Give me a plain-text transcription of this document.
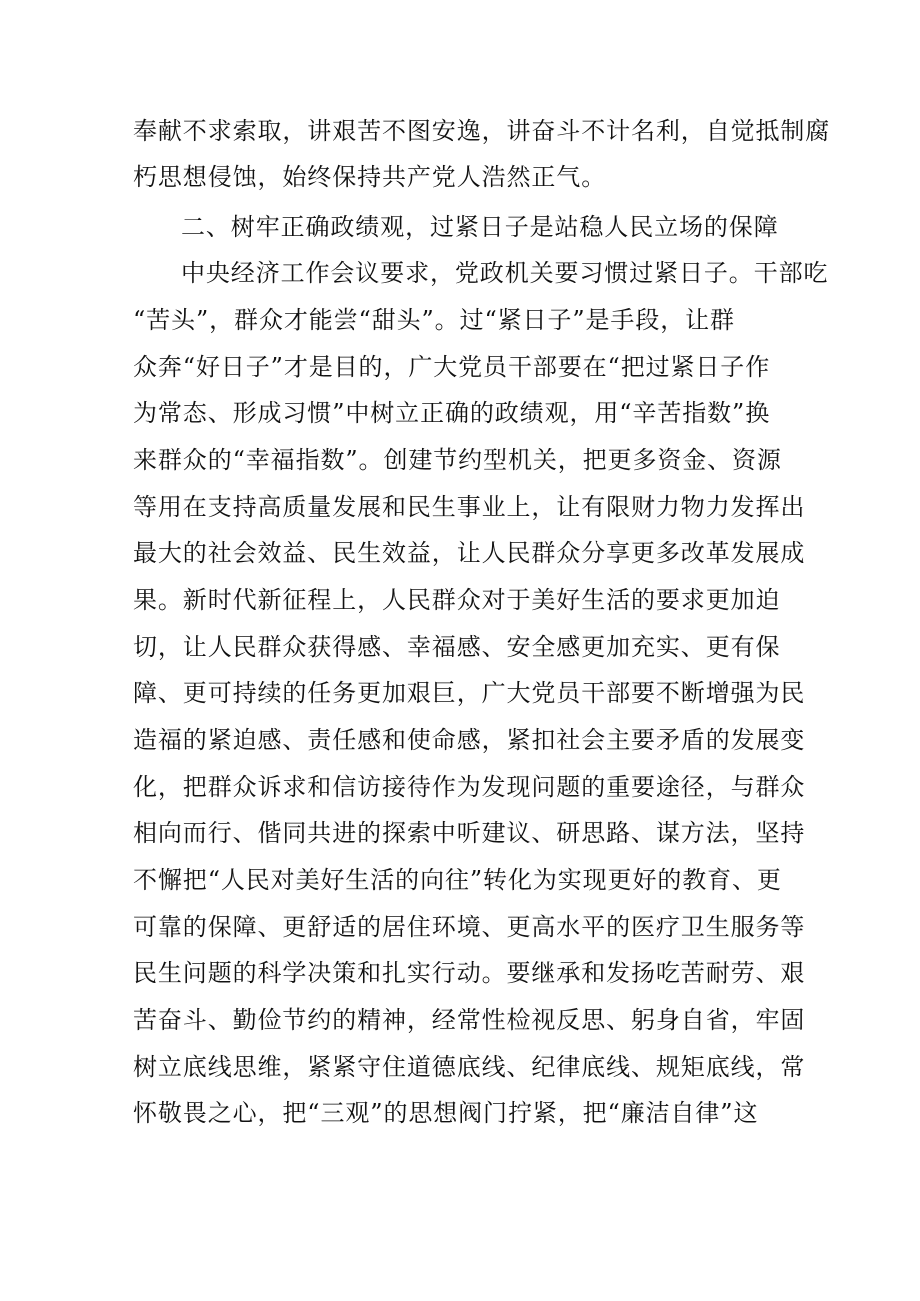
奉献不求索取，讲艰苦不图安逸，讲奋斗不计名利，自觉抵制腐
朽思想侵蚀，始终保持共产党人浩然正气。
二、树牢正确政绩观，过紧日子是站稳人民立场的保障
中央经济工作会议要求，党政机关要习惯过紧日子。干部吃
“苦头”，群众才能尝“甜头”。过“紧日子”是手段，让群
众奔“好日子”才是目的，广大党员干部要在“把过紧日子作
为常态、形成习惯”中树立正确的政绩观，用“辛苦指数”换
来群众的“幸福指数”。创建节约型机关，把更多资金、资源
等用在支持高质量发展和民生事业上，让有限财力物力发挥出
最大的社会效益、民生效益，让人民群众分享更多改革发展成
果。新时代新征程上，人民群众对于美好生活的要求更加迫
切，让人民群众获得感、幸福感、安全感更加充实、更有保
障、更可持续的任务更加艰巨，广大党员干部要不断增强为民
造福的紧迫感、责任感和使命感，紧扣社会主要矛盾的发展变
化，把群众诉求和信访接待作为发现问题的重要途径，与群众
相向而行、偕同共进的探索中听建议、研思路、谋方法，坚持
不懈把“人民对美好生活的向往”转化为实现更好的教育、更
可靠的保障、更舒适的居住环境、更高水平的医疗卫生服务等
民生问题的科学决策和扎实行动。要继承和发扬吃苦耐劳、艰
苦奋斗、勤俭节约的精神，经常性检视反思、躬身自省，牢固
树立底线思维，紧紧守住道德底线、纪律底线、规矩底线，常
怀敬畏之心，把“三观”的思想阀门拧紧，把“廉洁自律”这
